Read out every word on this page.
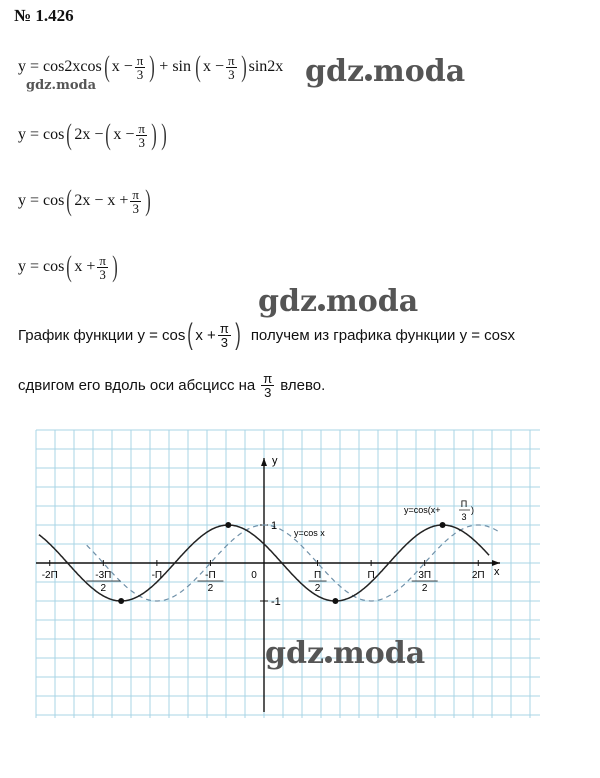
№ 1.426
y = cos2xcos ( $x - \frac{\pi}{3}$ ) + sin ( $x - \frac{\pi}{3}$ ) sin2x
y = cos ( 2x − ( $x - \frac{\pi}{3}$ ) )
y = cos ( $2x - x + \frac{\pi}{3}$ )
y = cos ( $x + \frac{\pi}{3}$ )
График функции y = cos ( $x + \frac{\pi}{3}$ ) получем из графика функции y = cosx
сдвигом его вдоль оси абсцисс на $\frac{\pi}{3}$ влево.
gdz moda
gdz.moda
gdz moda
x
y
-2П	-3П
2
-П	-П
2
0	П
2
П	3П
2
2П
1
-1
y=cos x
y=cos(x+
П
3
)
gdz moda
